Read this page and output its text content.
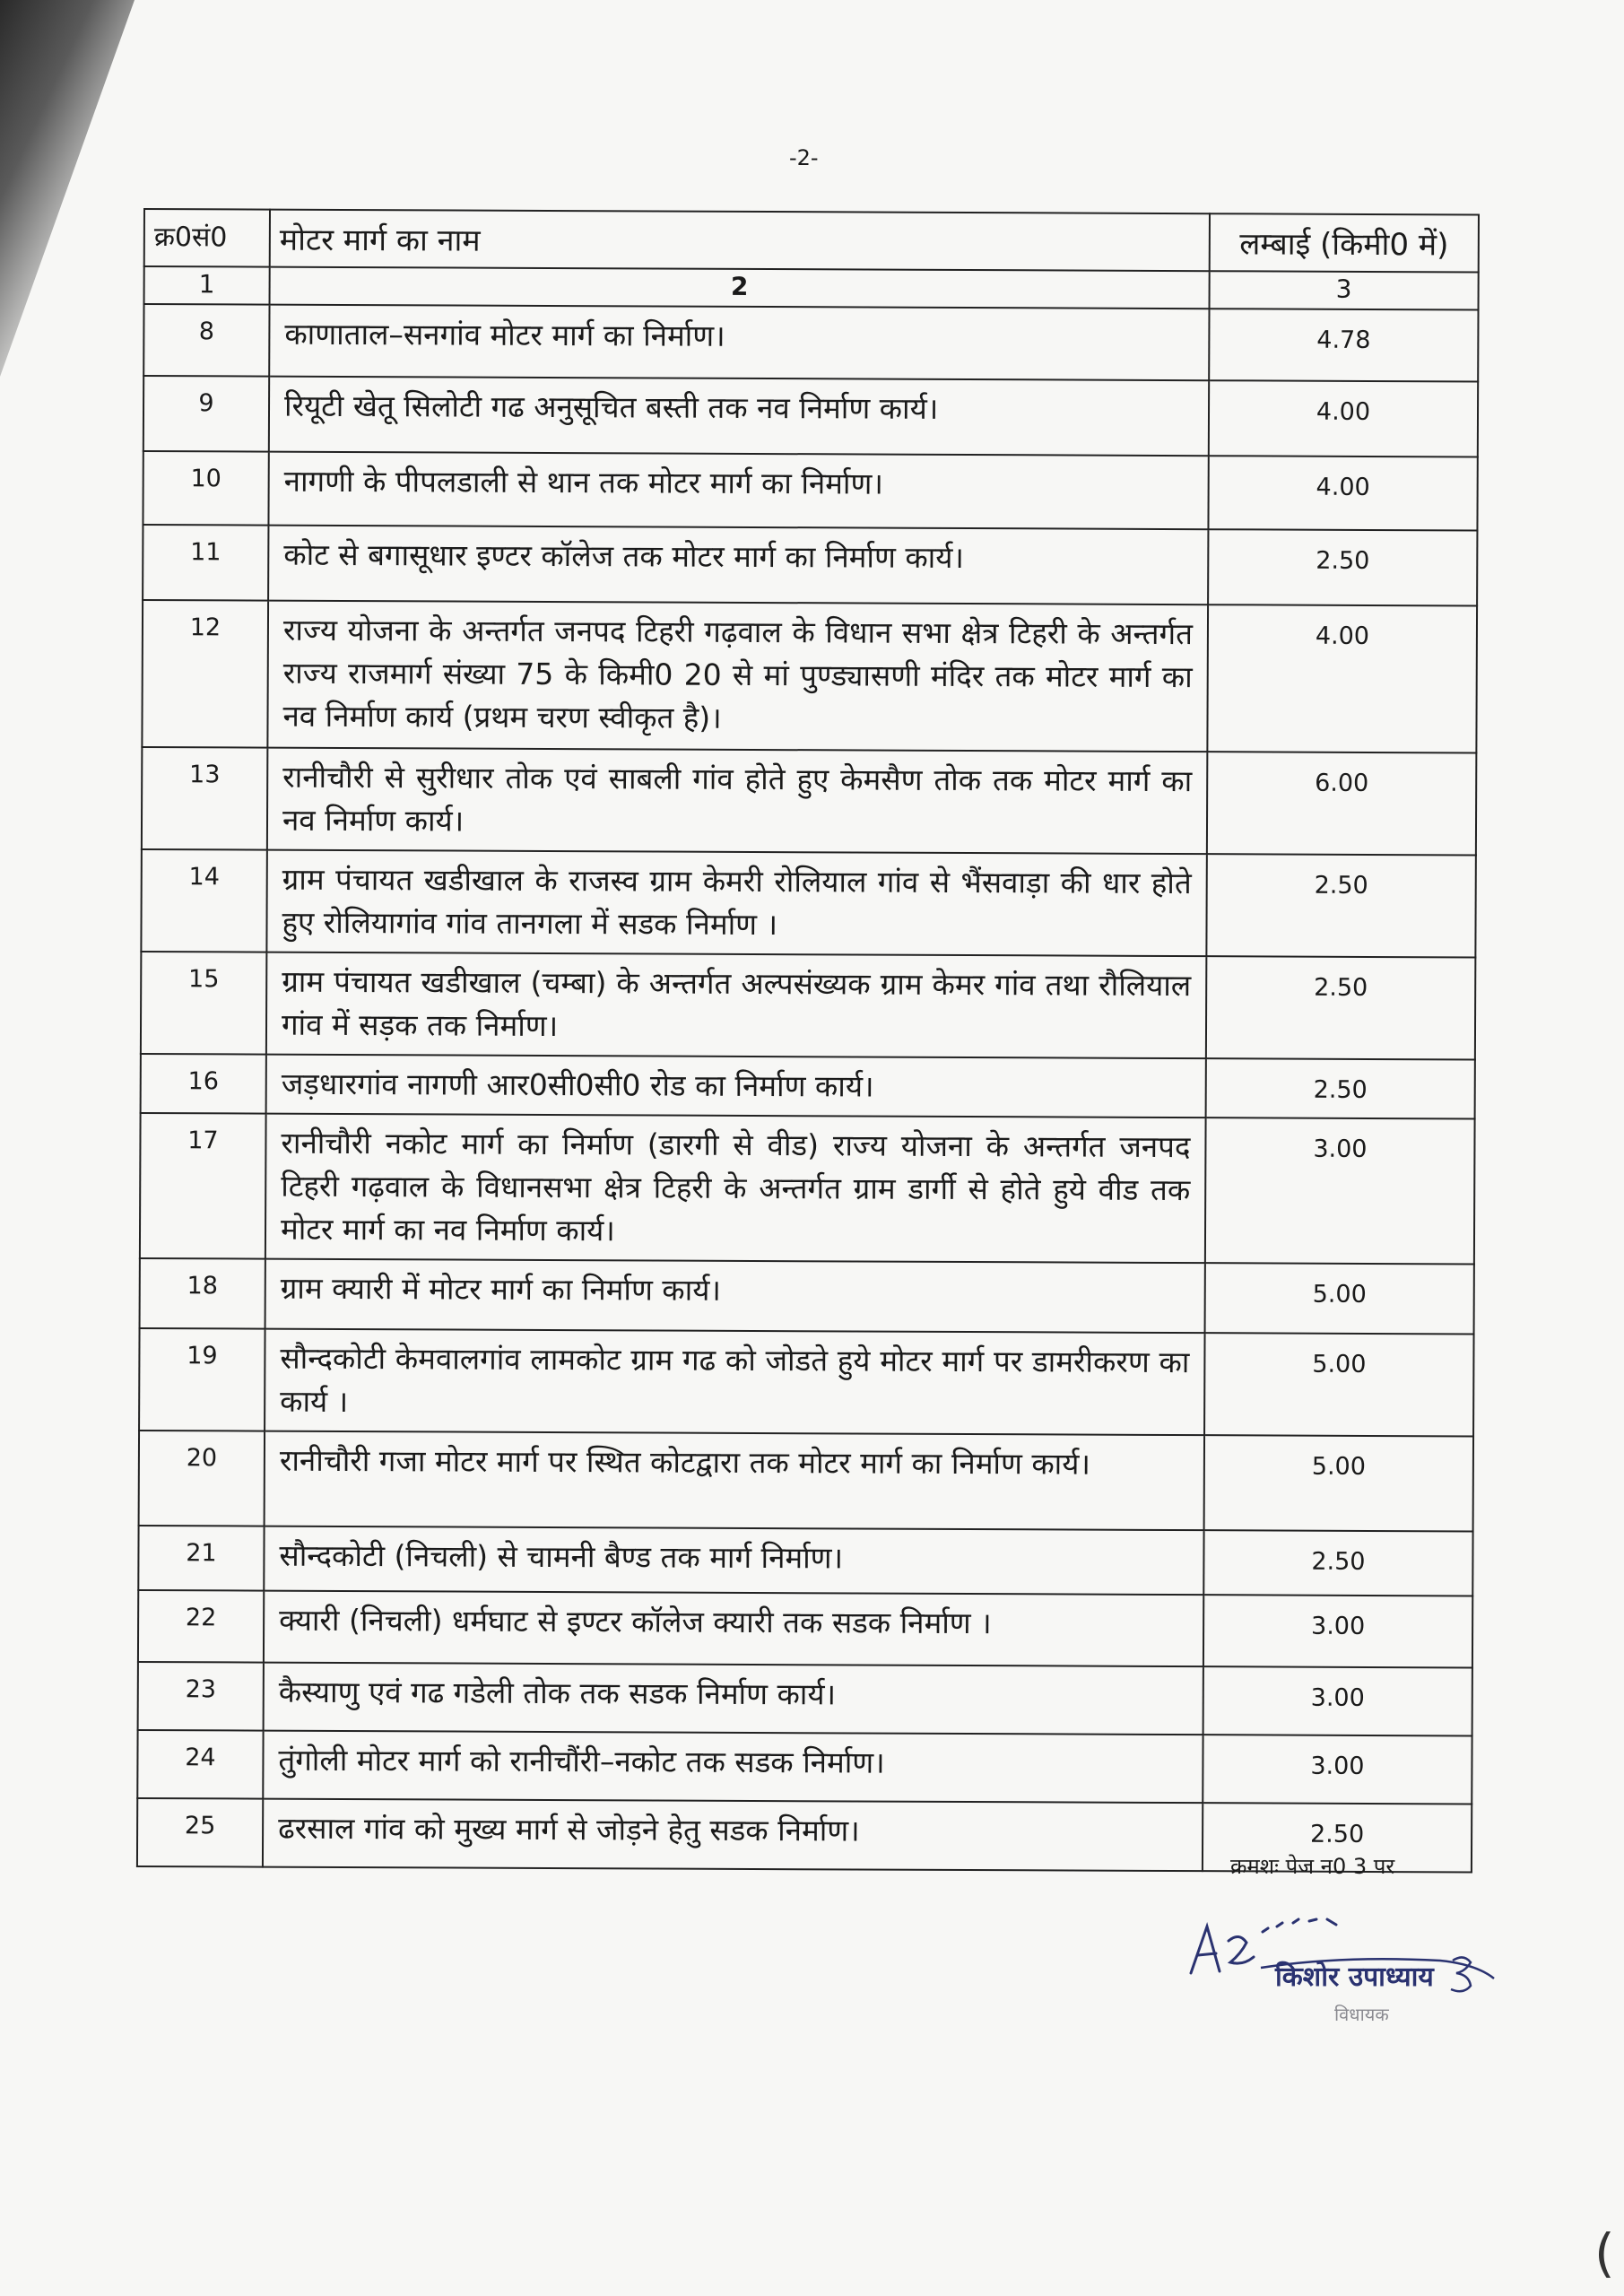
-2-
क्र0सं0	मोटर मार्ग का नाम	लम्बाई (किमी0 में)
1	2	3
8	काणाताल–सनगांव मोटर मार्ग का निर्माण।	4.78
9	रियूटी खेतू सिलोटी गढ अनुसूचित बस्ती तक नव निर्माण कार्य।	4.00
10	नागणी के पीपलडाली से थान तक मोटर मार्ग का निर्माण।	4.00
11	कोट से बगासूधार इण्टर कॉलेज तक मोटर मार्ग का निर्माण कार्य।	2.50
12	राज्य योजना के अन्तर्गत जनपद टिहरी गढ़वाल के विधान सभा क्षेत्र टिहरी के अन्तर्गत राज्य राजमार्ग संख्या 75 के किमी0 20 से मां पुण्ड्यासणी मंदिर तक मोटर मार्ग का नव निर्माण कार्य (प्रथम चरण स्वीकृत है)।	4.00
13	रानीचौरी से सुरीधार तोक एवं साबली गांव होते हुए केमसैण तोक तक मोटर मार्ग का नव निर्माण कार्य।	6.00
14	ग्राम पंचायत खडीखाल के राजस्व ग्राम केमरी रोलियाल गांव से भैंसवाड़ा की धार होते हुए रोलियागांव गांव तानगला में सडक निर्माण ।	2.50
15	ग्राम पंचायत खडीखाल (चम्बा) के अन्तर्गत अल्पसंख्यक ग्राम केमर गांव तथा रौलियाल गांव में सड़क तक निर्माण।	2.50
16	जड़धारगांव नागणी आर0सी0सी0 रोड का निर्माण कार्य।	2.50
17	रानीचौरी नकोट मार्ग का निर्माण (डारगी से वीड) राज्य योजना के अन्तर्गत जनपद टिहरी गढ़वाल के विधानसभा क्षेत्र टिहरी के अन्तर्गत ग्राम डार्गी से होते हुये वीड तक मोटर मार्ग का नव निर्माण कार्य।	3.00
18	ग्राम क्यारी में मोटर मार्ग का निर्माण कार्य।	5.00
19	सौन्दकोटी केमवालगांव लामकोट ग्राम गढ को जोडते हुये मोटर मार्ग पर डामरीकरण का कार्य ।	5.00
20	रानीचौरी गजा मोटर मार्ग पर स्थित कोटद्वारा तक मोटर मार्ग का निर्माण कार्य।	5.00
21	सौन्दकोटी (निचली) से चामनी बैण्ड तक मार्ग निर्माण।	2.50
22	क्यारी (निचली) धर्मघाट से इण्टर कॉलेज क्यारी तक सडक निर्माण ।	3.00
23	कैस्याणु एवं गढ गडेली तोक तक सडक निर्माण कार्य।	3.00
24	तुंगोली मोटर मार्ग को रानीचौंरी–नकोट तक सडक निर्माण।	3.00
25	ढरसाल गांव को मुख्य मार्ग से जोड़ने हेतु सडक निर्माण।	2.50
क्रमशः पेज न0 3 पर
किशोर उपाध्याय
विधायक
(
